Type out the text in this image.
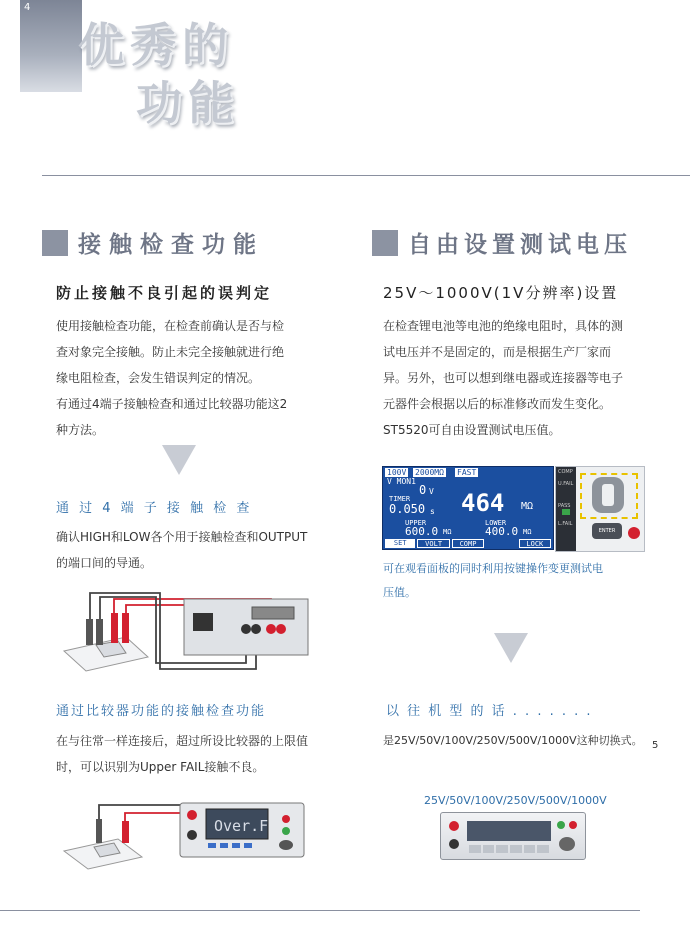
4
优秀的
功能
接 触 检 查 功 能
防止接触不良引起的误判定
使用接触检查功能，在检查前确认是否与检
查对象完全接触。防止未完全接触就进行绝
缘电阻检查，会发生错误判定的情况。
有通过4端子接触检查和通过比较器功能这2
种方法。
通 过 4 端 子 接 触 检 查
确认HIGH和LOW各个用于接触检查和OUTPUT
的端口间的导通。
通过比较器功能的接触检查功能
在与往常一样连接后，超过所设比较器的上限值
时，可以识别为Upper FAIL接触不良。
Over.F
自由设置测试电压
25V～1000V(1V分辨率)设置
在检查锂电池等电池的绝缘电阻时，具体的测
试电压并不是固定的，而是根据生产厂家而
异。另外，也可以想到继电器或连接器等电子
元器件会根据以后的标准修改而发生变化。
ST5520可自由设置测试电压值。
100V 2000MΩ FAST
V MON1
0 V
TIMER
0.050 s 464 MΩ
UPPER
600.0 MΩ
LOWER
400.0 MΩ
SET	VOLT	COMP	LOCK
COMP
U.FAIL
PASS
L.FAIL
ENTER
可在观看面板的同时利用按键操作变更测试电
压值。
以 往 机 型 的 话 . . . . . . .
是25V/50V/100V/250V/500V/1000V这种切换式。 5
25V/50V/100V/250V/500V/1000V
